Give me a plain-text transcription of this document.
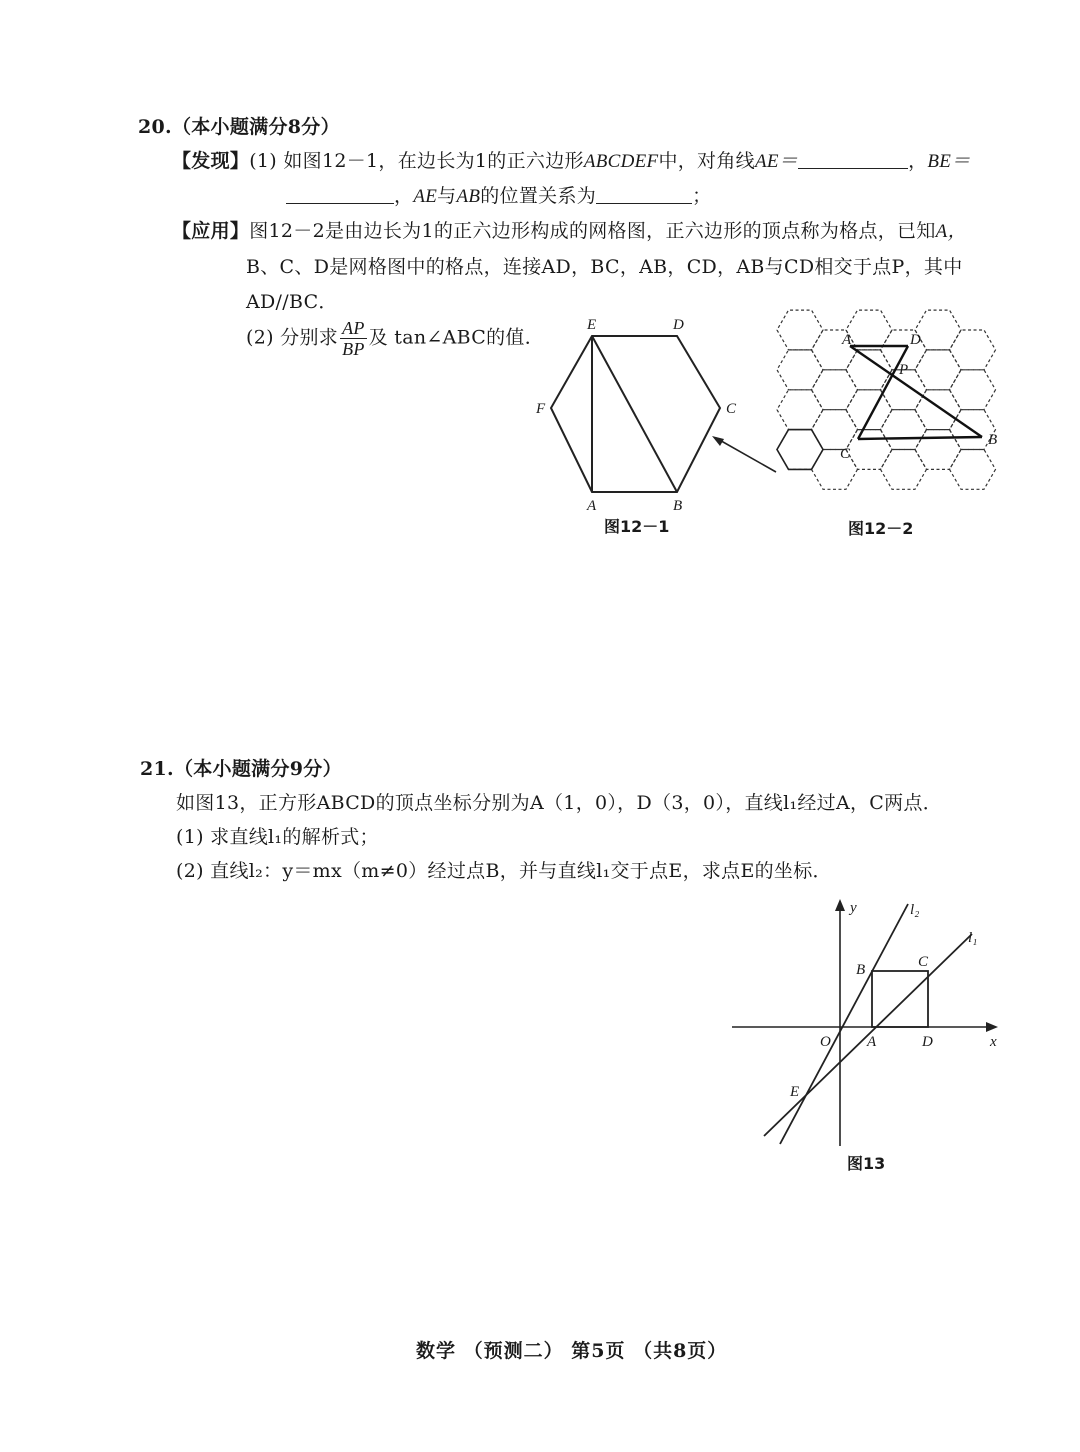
20.（本小题满分8分）
【发现】(1) 如图12－1，在边长为1的正六边形ABCDEF中，对角线AE＝	，BE＝
，AE与AB的位置关系为	；
【应用】图12－2是由边长为1的正六边形构成的网格图，正六边形的顶点称为格点，已知A，
B、C、D是网格图中的格点，连接AD，BC，AB，CD，AB与CD相交于点P，其中
AD//BC．
(2) 分别求 $\frac{AP}{BP}$ 及 tan∠ABC的值．
E	D
F	C
A	B
图12－1
A	D
P
C
B
图12－2
21.（本小题满分9分）
如图13，正方形ABCD的顶点坐标分别为A（1，0），D（3，0），直线l₁经过A，C两点．
(1) 求直线l₁的解析式；
(2) 直线l₂：y＝mx（m≠0）经过点B，并与直线l₁交于点E，求点E的坐标．
y	l₂
l₁
B	C
O A	D	x
E
图13
数学 （预测二） 第5页 （共8页）
